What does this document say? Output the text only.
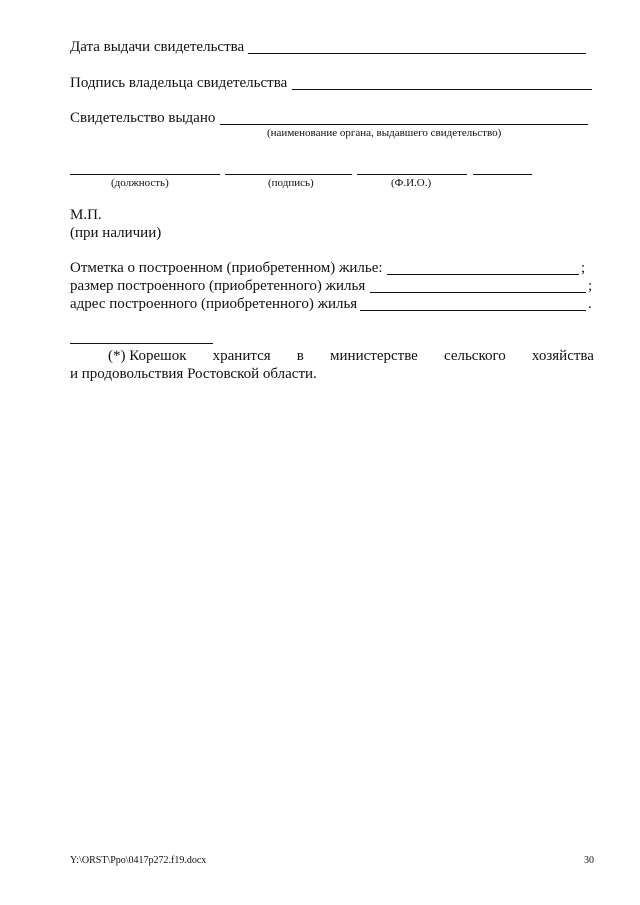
Дата выдачи свидетельства
Подпись владельца свидетельства
Свидетельство выдано
(наименование органа, выдавшего свидетельство)
(должность)	(подпись)	(Ф.И.О.)
М.П.
(при наличии)
Отметка о построенном (приобретенном) жилье:	;
размер построенного (приобретенного) жилья	;
адрес построенного (приобретенного) жилья	.
(*) Корешок хранится в министерстве сельского хозяйства
и продовольствия Ростовской области.
Y:\ORST\Ppo\0417p272.f19.docx	30
